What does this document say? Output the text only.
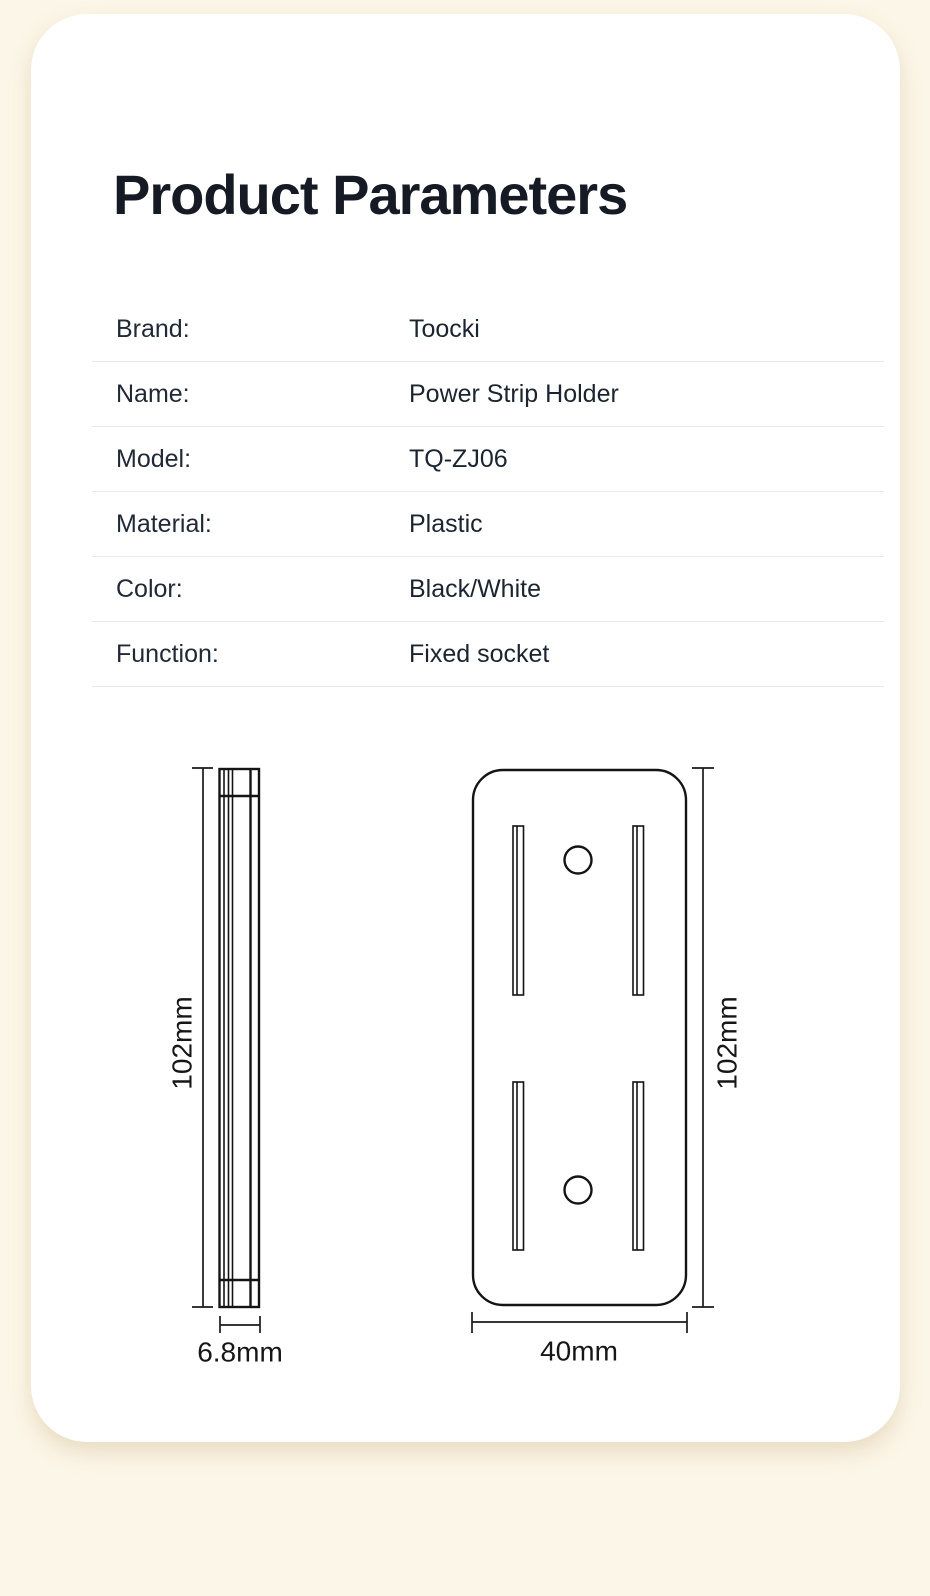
Product Parameters
Brand:	Toocki
Name:	Power Strip Holder
Model:	TQ-ZJ06
Material:	Plastic
Color:	Black/White
Function:	Fixed socket
102mm
6.8mm
102mm
40mm
